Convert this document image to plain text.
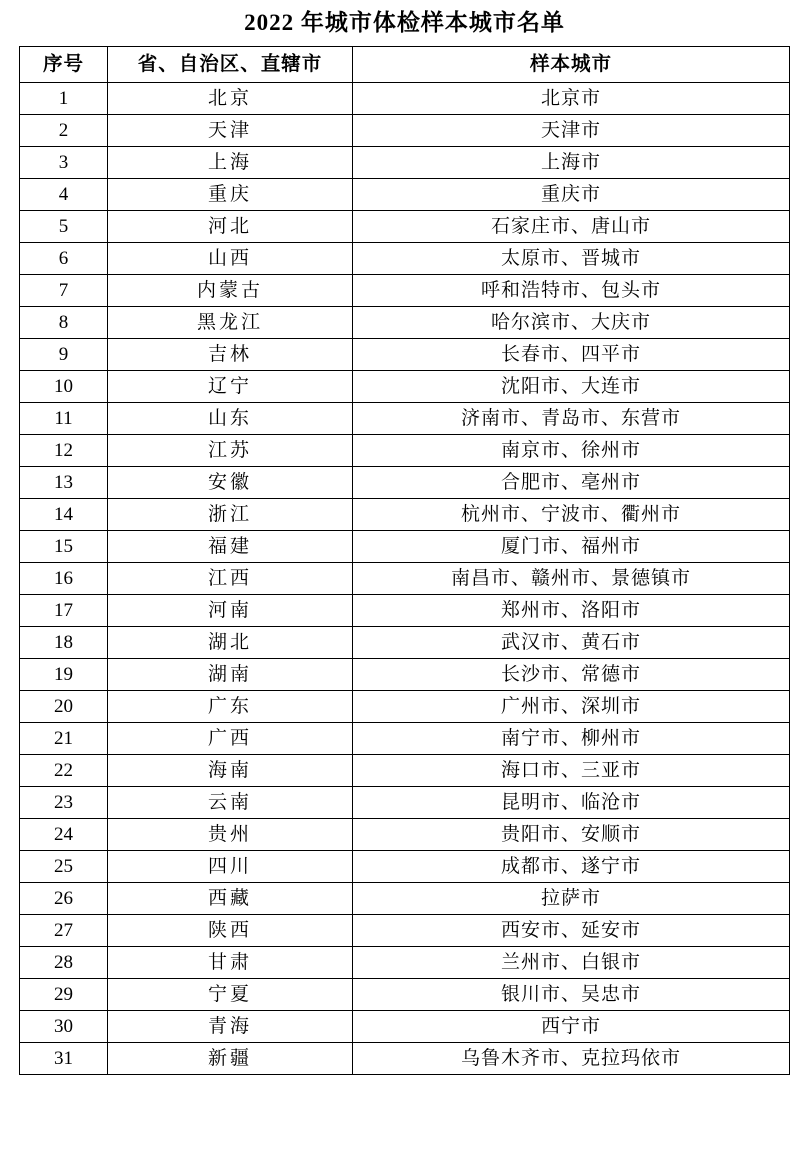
2022 年城市体检样本城市名单
序号	省、自治区、直辖市	样本城市
1	北京	北京市
2	天津	天津市
3	上海	上海市
4	重庆	重庆市
5	河北	石家庄市、唐山市
6	山西	太原市、晋城市
7	内蒙古	呼和浩特市、包头市
8	黑龙江	哈尔滨市、大庆市
9	吉林	长春市、四平市
10	辽宁	沈阳市、大连市
11	山东	济南市、青岛市、东营市
12	江苏	南京市、徐州市
13	安徽	合肥市、亳州市
14	浙江	杭州市、宁波市、衢州市
15	福建	厦门市、福州市
16	江西	南昌市、赣州市、景德镇市
17	河南	郑州市、洛阳市
18	湖北	武汉市、黄石市
19	湖南	长沙市、常德市
20	广东	广州市、深圳市
21	广西	南宁市、柳州市
22	海南	海口市、三亚市
23	云南	昆明市、临沧市
24	贵州	贵阳市、安顺市
25	四川	成都市、遂宁市
26	西藏	拉萨市
27	陕西	西安市、延安市
28	甘肃	兰州市、白银市
29	宁夏	银川市、吴忠市
30	青海	西宁市
31	新疆	乌鲁木齐市、克拉玛依市
